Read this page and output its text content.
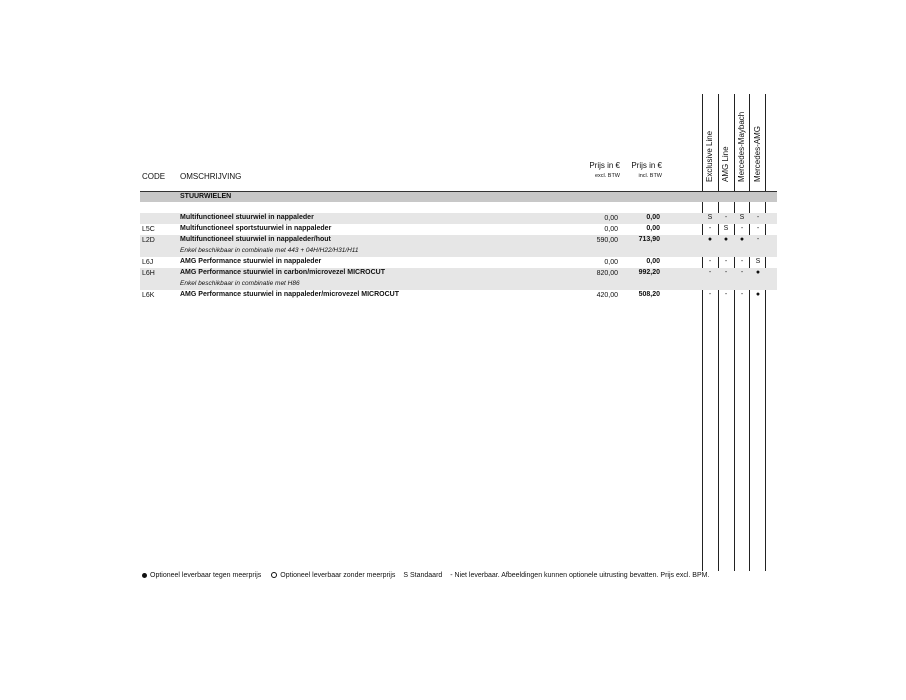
Exclusive Line AMG Line Mercedes-Maybach Mercedes-AMG
CODE OMSCHRIJVING
Prijs in €
excl. BTW
Prijs in €
incl. BTW
STUURWIELEN
Multifunctioneel stuurwiel in nappaleder	0,00	0,00	S	-	S	-
L5C	Multifunctioneel sportstuurwiel in nappaleder	0,00	0,00	-	S	-	-
L2D	Multifunctioneel stuurwiel in nappaleder/hout	590,00	713,90	●	●	●	-
Enkel beschikbaar in combinatie met 443 + 04H/H22/H31/H11
L6J	AMG Performance stuurwiel in nappaleder	0,00	0,00	-	-	-	S
L6H	AMG Performance stuurwiel in carbon/microvezel MICROCUT	820,00	992,20	-	-	-	●
Enkel beschikbaar in combinatie met H86
L6K	AMG Performance stuurwiel in nappaleder/microvezel MICROCUT	420,00	508,20	-	-	-	●
Optioneel leverbaar tegen meerprijs	Optioneel leverbaar zonder meerprijs S Standaard - Niet leverbaar. Afbeeldingen kunnen optionele uitrusting bevatten. Prijs excl. BPM.
